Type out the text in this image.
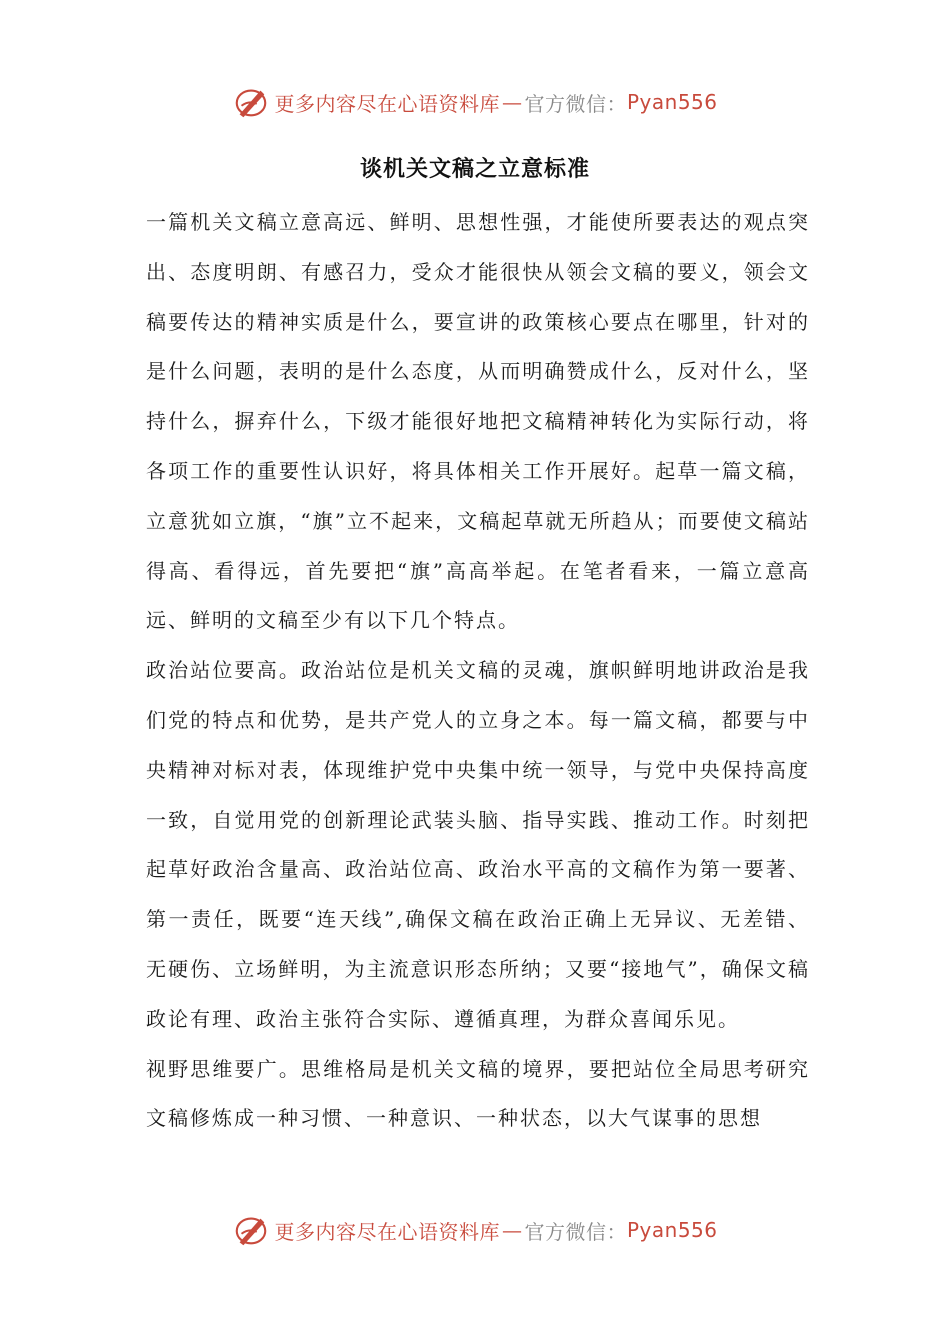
更多内容尽在心语资料库 — 官方微信 ： Pyan556
谈机关文稿之立意标准

一篇机关文稿立意高远、鲜明、思想性强，才能使所要表达的观点突出、态度明朗、有感召力，受众才能很快从领会文稿的要义，领会文稿要传达的精神实质是什么，要宣讲的政策核心要点在哪里，针对的是什么问题，表明的是什么态度，从而明确赞成什么，反对什么，坚持什么，摒弃什么，下级才能很好地把文稿精神转化为实际行动，将各项工作的重要性认识好，将具体相关工作开展好。起草一篇文稿，立意犹如立旗，“旗”立不起来，文稿起草就无所趋从；而要使文稿站得高、看得远，首先要把“旗”高高举起。在笔者看来，一篇立意高远、鲜明的文稿至少有以下几个特点。

政治站位要高。政治站位是机关文稿的灵魂，旗帜鲜明地讲政治是我们党的特点和优势，是共产党人的立身之本。每一篇文稿，都要与中央精神对标对表，体现维护党中央集中统一领导，与党中央保持高度一致，自觉用党的创新理论武装头脑、指导实践、推动工作。时刻把起草好政治含量高、政治站位高、政治水平高的文稿作为第一要著、第一责任，既要“连天线”,确保文稿在政治正确上无异议、无差错、无硬伤、立场鲜明，为主流意识形态所纳；又要“接地气”，确保文稿政论有理、政治主张符合实际、遵循真理，为群众喜闻乐见。

视野思维要广。思维格局是机关文稿的境界，要把站位全局思考研究文稿修炼成一种习惯、一种意识、一种状态，以大气谋事的思想

更多内容尽在心语资料库 — 官方微信 ： Pyan556
